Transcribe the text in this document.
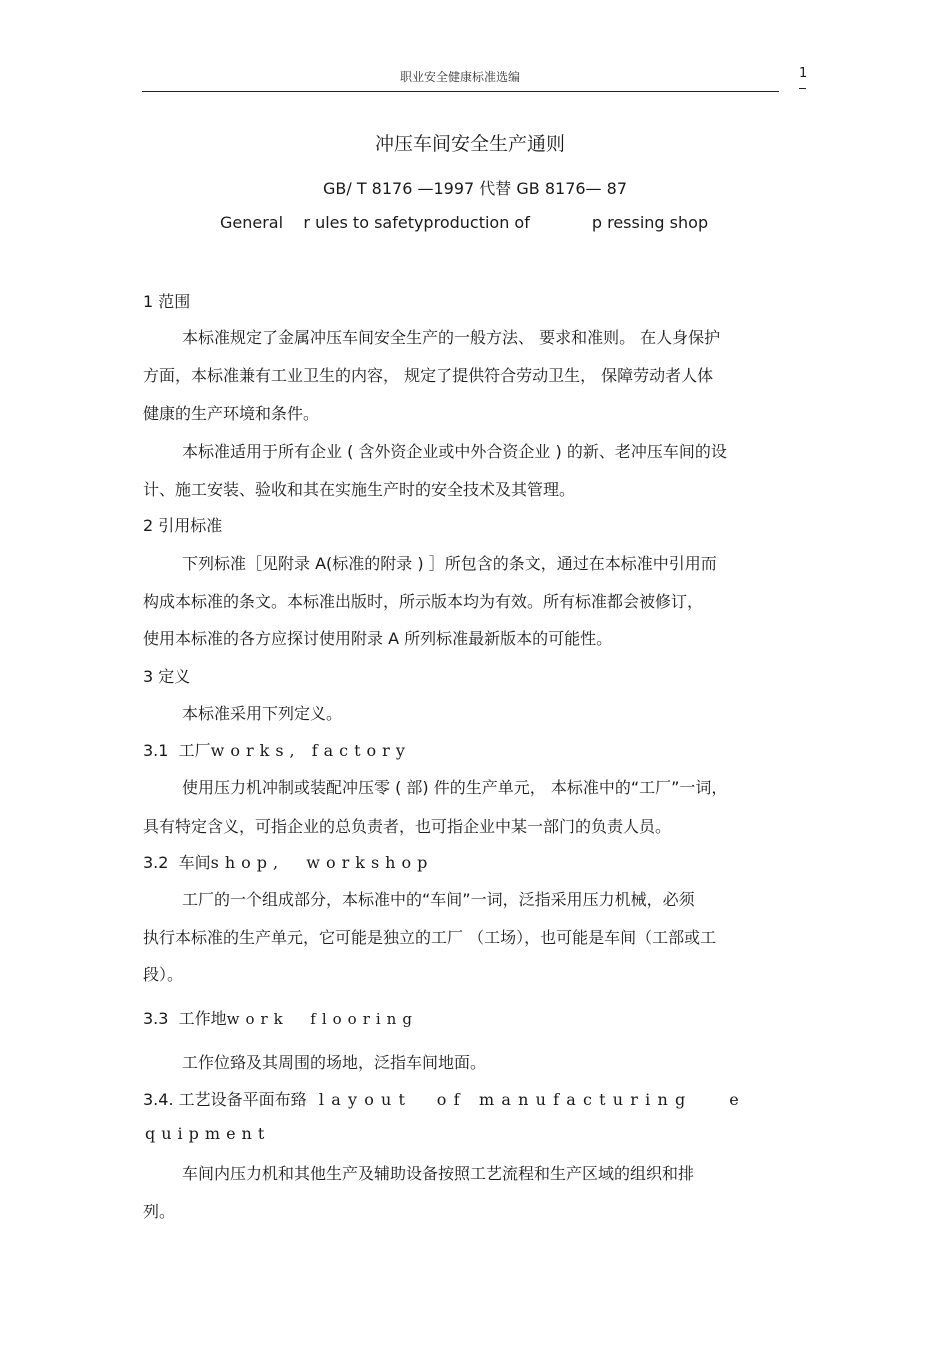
职业安全健康标准选编	1
冲压车间安全生产通则
GB∕ T 8176 —1997 代替 GB 8176— 87
General r ules to safetyproduction of	p ressing shop
1 范围
本标准规定了金属冲压车间安全生产的一般方法、 要求和准则。 在人身保护
方面，本标准兼有工业卫生的内容， 规定了提供符合劳动卫生， 保障劳动者人体
健康的生产环境和条件。
本标准适用于所有企业 ( 含外资企业或中外合资企业 ) 的新、老冲压车间的设
计、施工安装、验收和其在实施生产时的安全技术及其管理。
2 引用标准
下列标准［见附录 A(标准的附录 ) ］所包含的条文，通过在本标准中引用而
构成本标准的条文。本标准出版时，所示版本均为有效。所有标准都会被修订，
使用本标准的各方应探讨使用附录 A 所列标准最新版本的可能性。
3 定义
本标准采用下列定义。
3.1 工厂works, factory
使用压力机冲制或装配冲压零 ( 部) 件的生产单元， 本标准中的“工厂”一词，
具有特定含义，可指企业的总负责者，也可指企业中某一部门的负责人员。
3.2 车间shop,  workshop
工厂的一个组成部分，本标准中的“车间”一词，泛指采用压力机械，必须
执行本标准的生产单元，它可能是独立的工厂 （工场），也可能是车间（工部或工
段）。
3.3 工作地work  flooring
工作位臵及其周围的场地，泛指车间地面。
3.4. 工艺设备平面布臵 layout  of manufacturing   e
quipment
车间内压力机和其他生产及辅助设备按照工艺流程和生产区域的组织和排
列。
